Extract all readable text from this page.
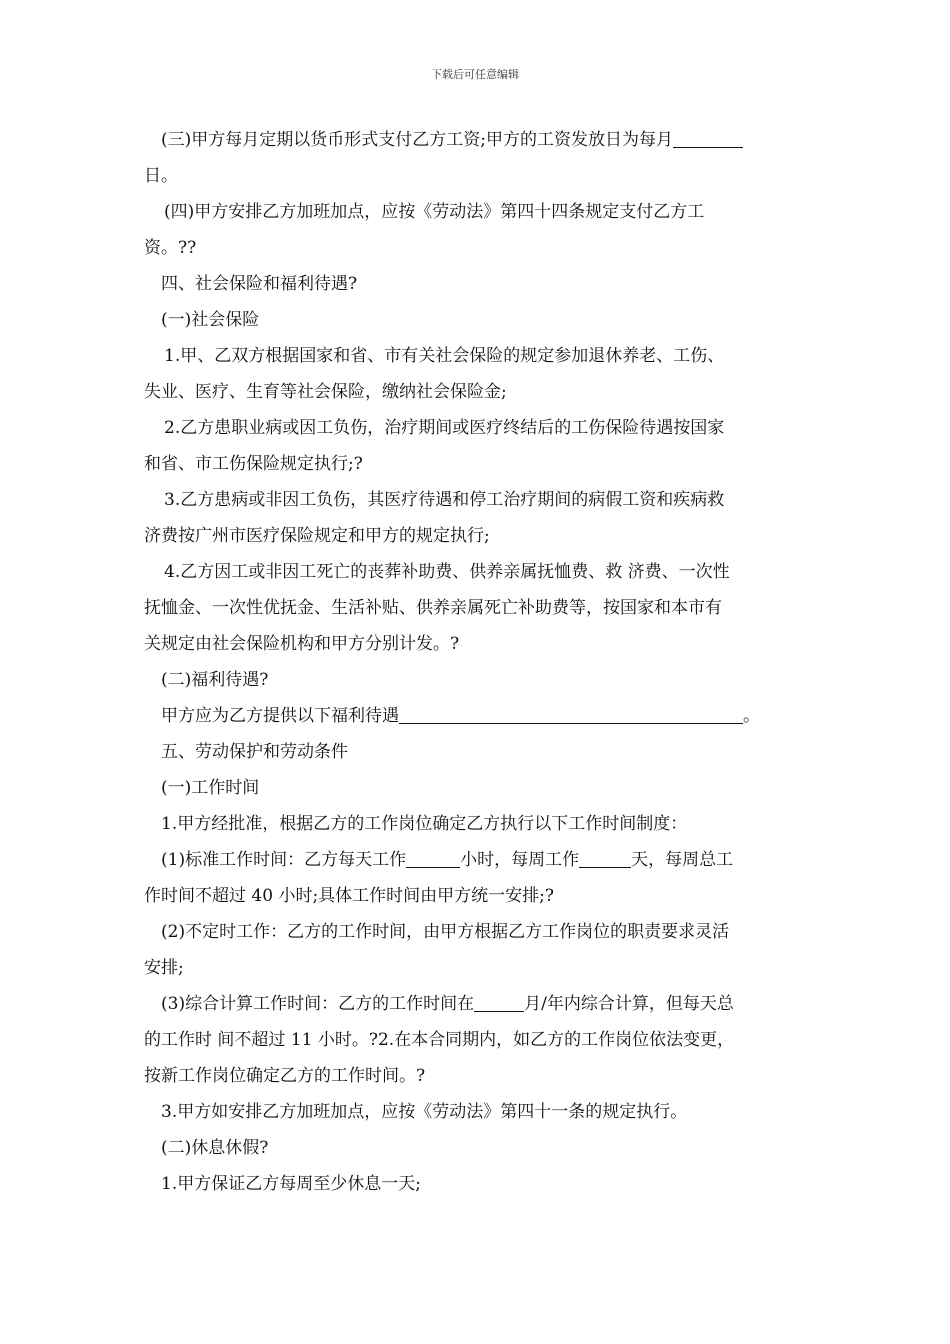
下载后可任意编辑
(三)甲方每月定期以货币形式支付乙方工资;甲方的工资发放日为每月
日。
(四)甲方安排乙方加班加点，应按《劳动法》第四十四条规定支付乙方工
资。??
四、社会保险和福利待遇?
(一)社会保险
1.甲、乙双方根据国家和省、市有关社会保险的规定参加退休养老、工伤、
失业、医疗、生育等社会保险，缴纳社会保险金;
2.乙方患职业病或因工负伤，治疗期间或医疗终结后的工伤保险待遇按国家
和省、市工伤保险规定执行;?
3.乙方患病或非因工负伤，其医疗待遇和停工治疗期间的病假工资和疾病救
济费按广州市医疗保险规定和甲方的规定执行;
4.乙方因工或非因工死亡的丧葬补助费、供养亲属抚恤费、救 济费、一次性
抚恤金、一次性优抚金、生活补贴、供养亲属死亡补助费等，按国家和本市有
关规定由社会保险机构和甲方分别计发。?
(二)福利待遇?
甲方应为乙方提供以下福利待遇	。
五、劳动保护和劳动条件
(一)工作时间
1.甲方经批准，根据乙方的工作岗位确定乙方执行以下工作时间制度：
(1)标准工作时间：乙方每天工作	小时，每周工作	天，每周总工
作时间不超过 40 小时;具体工作时间由甲方统一安排;?
(2)不定时工作：乙方的工作时间，由甲方根据乙方工作岗位的职责要求灵活
安排;
(3)综合计算工作时间：乙方的工作时间在	月/年内综合计算，但每天总
的工作时 间不超过 11 小时。?2.在本合同期内，如乙方的工作岗位依法变更，
按新工作岗位确定乙方的工作时间。?
3.甲方如安排乙方加班加点，应按《劳动法》第四十一条的规定执行。
(二)休息休假?
1.甲方保证乙方每周至少休息一天;
